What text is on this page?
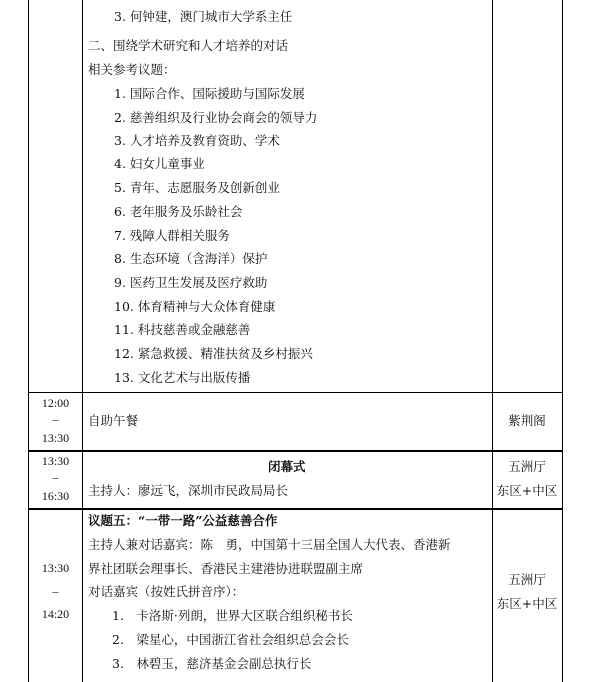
3. 何钟建，澳门城市大学系主任
二、围绕学术研究和人才培养的对话
相关参考议题：
1. 国际合作、国际援助与国际发展
2. 慈善组织及行业协会商会的领导力
3. 人才培养及教育资助、学术
4. 妇女儿童事业
5. 青年、志愿服务及创新创业
6. 老年服务及乐龄社会
7. 残障人群相关服务
8. 生态环境（含海洋）保护
9. 医药卫生发展及医疗救助
10. 体育精神与大众体育健康
11. 科技慈善或金融慈善
12. 紧急救援、精准扶贫及乡村振兴
13. 文化艺术与出版传播
12:00
–
13:30
自助午餐	紫荆阁
13:30
–
16:30
闭幕式
主持人：廖远飞，深圳市民政局局长
五洲厅
东区+中区
13:30
–
14:20
议题五：“一带一路”公益慈善合作
主持人兼对话嘉宾：陈　勇，中国第十三届全国人大代表、香港新
界社团联会理事长、香港民主建港协进联盟副主席
对话嘉宾（按姓氏拼音序）：
1.　卡洛斯·列朗，世界大区联合组织秘书长
2.　梁星心，中国浙江省社会组织总会会长
3.　林碧玉，慈济基金会副总执行长
五洲厅
东区+中区
